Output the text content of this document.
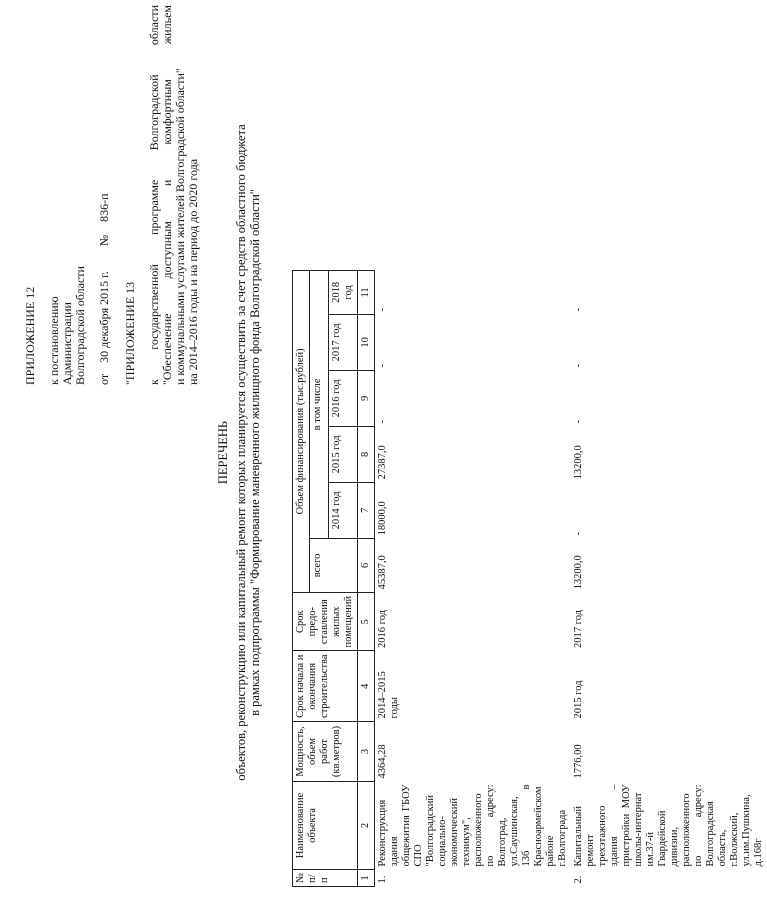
ПРИЛОЖЕНИЕ 12 к постановлению Администрации Волгоградской области от 30 декабря 2015 г. № 836-п
"ПРИЛОЖЕНИЕ 13 к государственной программе Волгоградской области "Обеспечение доступным и комфортным жильем и коммунальными услугами жителей Волгоградской области" на 2014–2016 годы и на период до 2020 года
ПЕРЕЧЕНЬ объектов, реконструкцию или капитальный ремонт которых планируется осуществить за счет средств областного бюджета в рамках подпрограммы "Формирование маневренного жилищного фонда Волгоградской области"
№ п/п	Наименование объекта	Мощность, объем работ (кв.метров)	Срок начала и окончания строительства	Срок предо- ставления жилых помещений	Объем финансирования (тыс.рублей)					
					всего	в том числе				
						2014 год	2015 год	2016 год	2017 год	2018 год
1	2	3	4	5	6	7	8	9	10	11
1.	Реконструкция здания общежития ГБОУ СПО "Волгоградский социально-экономический техникум", расположенного по адресу: Волгоград, ул.Саушинская, 13б в Красноармейском районе г.Волгограда	4364,28	2014–2015 годы	2016 год	45387,0	18000,0	27387,0	-	-	-
2.	Капитальный ремонт трехэтажного здания – пристройки МОУ школы-интернат им.37-й Гвардейской дивизии, расположенного по адресу: Волгоградская область, г.Волжский, ул.им.Пушкина, д.168г	1776,00	2015 год	2017 год	13200,0	-	13200,0	-	-	-
